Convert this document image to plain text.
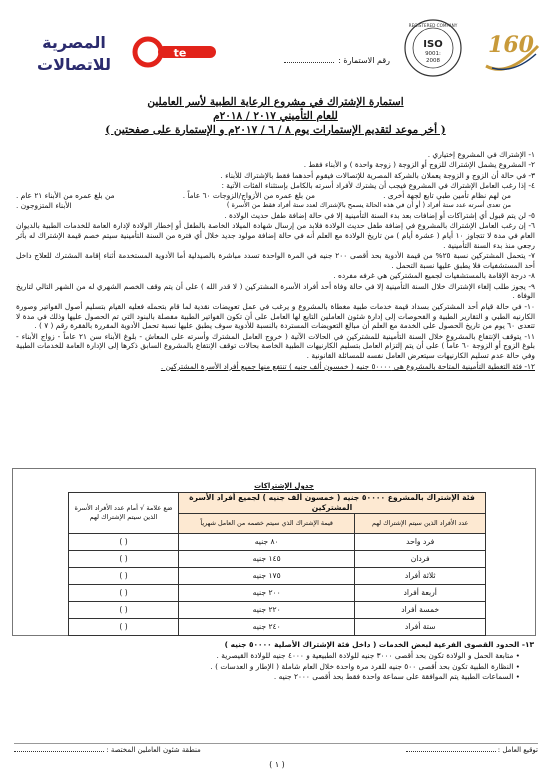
160
REGISTERED COMPANY
ISO
9001:
2008
رقم الاستمارة :
te
المصرية
للاتصالات
استمارة الإشتراك في مشروع الرعاية الطبية لأسر العاملين
للعام التأميني ٢٠١٧ / ٢٠١٨م
( أخر موعد لتقديم الإستمارات يوم ٨ / ٦ / ٢٠١٧م و الإستمارة على صفحتين )

١- الإشتراك في المشروع إختياري .

٢- المشروع يشمل الإشتراك للزوج أو الزوجة ( زوجة واحدة ) و الأبناء فقط .

٣- في حالة أن الزوج و الزوجة يعملان بالشركة المصرية للإتصالات فيقوم أحدهما فقط بالإشتراك للأبناء .

٤- إذا رغب العامل الإشتراك في المشروع فيجب أن يشترك لأفراد أسرته بالكامل بإستثناء الفئات الآتية :

من لهم نظام تأمين طبي تابع لجهة أخرى .
من بلغ عمره من الأزواج/الزوجات ٦٠ عاماً .
من بلغ عمره من الأبناء ٢١ عام .
من تعدى أسرته عدد ستة أفراد ( أو أن في هذه الحالة يسمح بالإشتراك لعدد ستة أفراد فقط من الأسرة )
الأبناء المتزوجون .

٥- لن يتم قبول أي إشتراكات أو إضافات بعد بدء السنة التأمينية إلا في حالة إضافة طفل حديث الولادة .

٦- إن رغب العامل الإشتراك بالمشروع في إضافة طفل حديث الولادة فلابد من إرسال شهادة الميلاد الخاصة بالطفل أو إخطار الولادة لإدارة العامة للخدمات الطبية بالديوان العام في مدة لا تتجاوز ١٠ أيام ( عشرة أيام ) من تاريخ الولادة مع العلم أنه في حالة إضافة مولود جديد خلال أي فترة من السنة التأمينية سيتم خصم قيمة الإشتراك له بأثر رجعي منذ بدء السنة التأمينية .

٧- يتحمل المشتركين نسبة ٢٥% من قيمة الأدوية بحد أقصى ٢٠٠ جنيه في المرة الواحدة تسدد مباشرة بالصيدلية أما الأدوية المستخدمة أثناء إقامة المشترك للعلاج داخل أحد المستشفيات فلا يطبق عليها نسبة التحمل .

٨- درجة الإقامة بالمستشفيات لجميع المشتركين هي غرفه مفرده .

٩- يجوز طلب إلغاء الإشتراك خلال السنة التأمينية إلا في حالة وفاة أحد أفراد الأسرة المشتركين ( لا قدر الله ) على أن يتم وقف الخصم الشهري له من الشهر التالي لتاريخ الوفاة .

١٠- في حالة قيام أحد المشتركين بسداد قيمة خدمات طبية مغطاة بالمشروع و يرغب في عمل تعويضات نقدية لما قام بتحمله فعليه القيام بتسليم أصول الفواتير وصورة الكارنيه الطبي و التقارير الطبية و الفحوصات إلى إدارة شئون العاملين التابع لها العامل على أن تكون الفواتير الطبية مفصلة بالبنود التي تم الحصول عليها وذلك في مدة لا تتعدى ٦٠ يوم من تاريخ الحصول على الخدمة مع العلم أن مبالغ التعويضات المستردة بالنسبة للأدوية سوف يطبق عليها نسبة تحمل الأدوية المقررة بالفقرة رقم ( ٧ ) .

١١- يتوقف الإنتفاع بالمشروع خلال السنة التأمينية للمشتركين في الحالات الآتية ( خروج العامل المشترك وأسرته على المعاش - بلوغ الأبناء سن ٢١ عاماً - زواج الأبناء - بلوغ الزوج أو الزوجة ٦٠ عاماً ) على أن يتم إلتزام العامل بتسليم الكارنيهات الطبية الخاصة بحالات توقف الإنتفاع بالمشروع السابق ذكرها إلى الإدارة العامة للخدمات الطبية وفي حالة عدم تسليم الكارنيهات سيتعرض العامل نفسه للمسائلة القانونية .

١٢- فئة التغطية التأمينية المتاحة بالمشروع هي ٥٠٠٠٠ جنيه ( خمسون ألف جنيه ) تنتفع منها جميع أفراد الأسرة المشتركين .

جدول الإشتراكات
فئة الإشتراك بالمشروع ٥٠٠٠٠ جنيه ( خمسون ألف جنيه ) لجميع أفراد الأسرة المشتركين		ضع علامة √ أمام عدد الأفراد الأسرة الذين سيتم الإشتراك لهم
عدد الأفراد الذين سيتم الإشتراك لهم	قيمة الإشتراك الذي سيتم خصمه من العامل شهرياً	
فرد واحد	٨٠ جنيه	( )
فردان	١٤٥ جنيه	( )
ثلاثة أفراد	١٧٥ جنيه	( )
أربعة أفراد	٢٠٠ جنيه	( )
خمسة أفراد	٢٢٠ جنيه	( )
ستة أفراد	٢٤٠ جنيه	( )

١٣- الحدود القصوى الفرعية لبعض الخدمات ( داخل فئة الإشتراك الأصلية ٥٠٠٠٠ جنيه )

• متابعة الحمل و الولادة تكون بحد أقصى ٣٠٠٠ جنيه للولادة الطبيعية و ٤٠٠٠ جنيه للولادة القيصرية .

• النظارة الطبية تكون بحد أقصى ٥٠٠ جنيه للفرد مرة واحدة خلال العام شاملة ( الإطار و العدسات ) .

• السماعات الطبية يتم الموافقة على سماعة واحدة فقط بحد أقصى ٢٠٠٠ جنيه .

توقيع العامل :
منطقة شئون العاملين المختصة :
( ١ )
